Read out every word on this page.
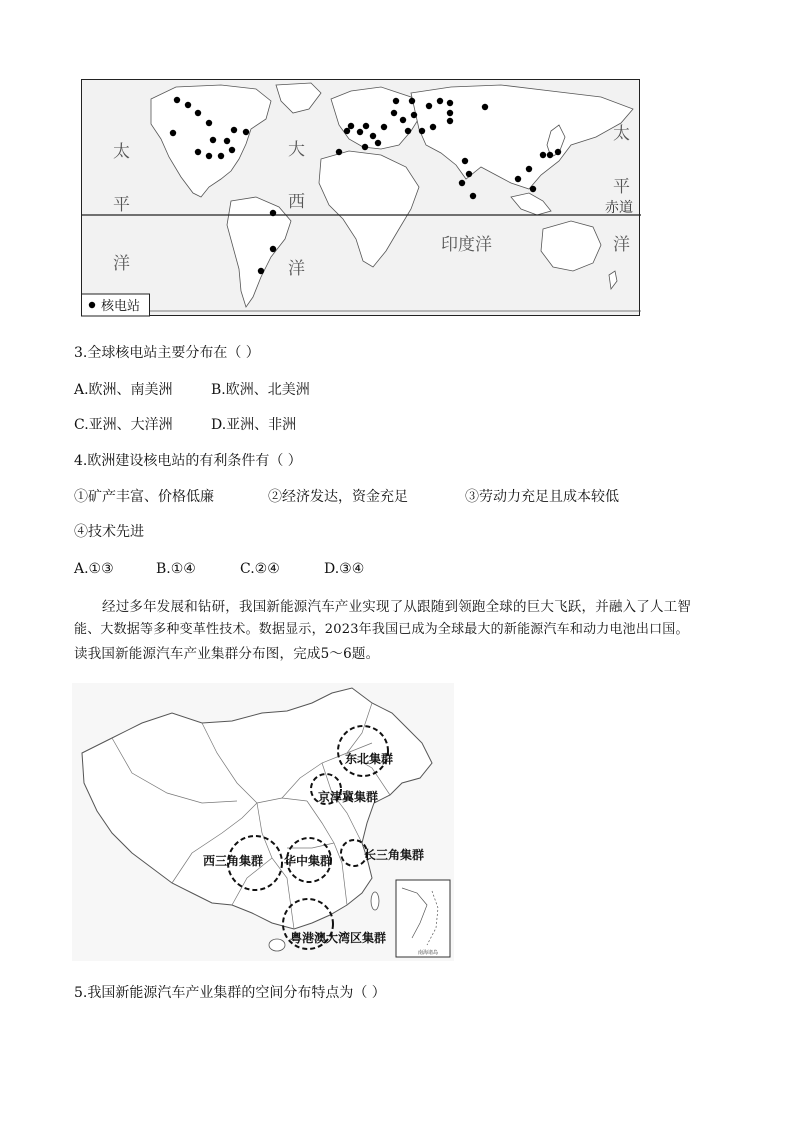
太
平
洋
大
西
洋
太
平
洋
印度洋
赤道
核电站
3.全球核电站主要分布在（ ）
A.欧洲、南美洲	B.欧洲、北美洲
C.亚洲、大洋洲	D.亚洲、非洲
4.欧洲建设核电站的有利条件有（ ）
①矿产丰富、价格低廉	②经济发达，资金充足	③劳动力充足且成本较低
④技术先进
A.①③	B.①④	C.②④	D.③④
经过多年发展和钻研，我国新能源汽车产业实现了从跟随到领跑全球的巨大飞跃，并融入了人工智
能、大数据等多种变革性技术。数据显示，2023年我国已成为全球最大的新能源汽车和动力电池出口国。
读我国新能源汽车产业集群分布图，完成5～6题。
东北集群
京津冀集群
西三角集群 华中集群	长三角集群
粤港澳大湾区集群
南海诸岛
5.我国新能源汽车产业集群的空间分布特点为（ ）
